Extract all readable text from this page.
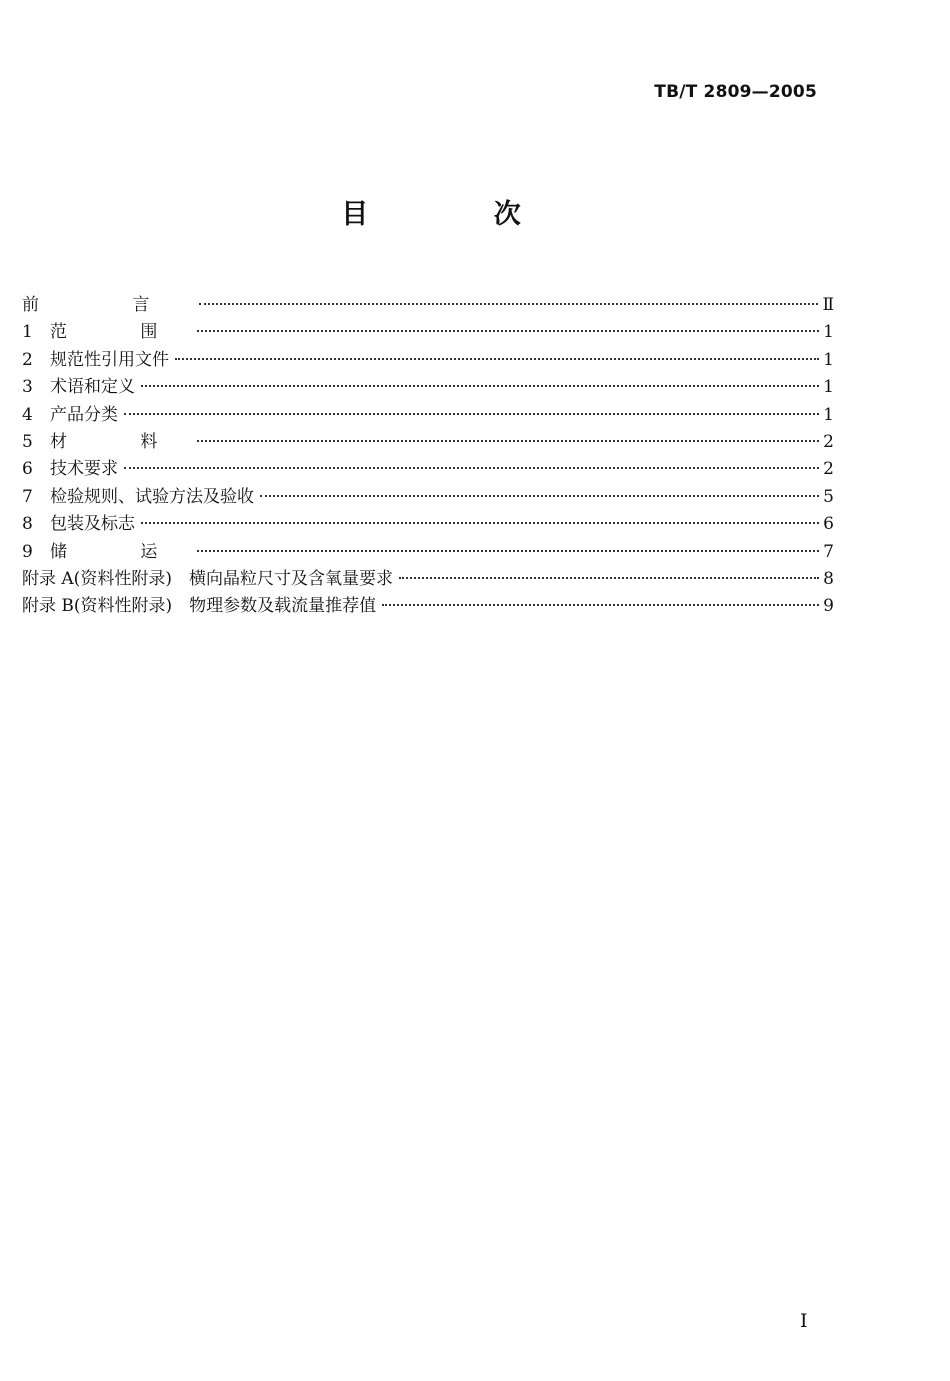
TB/T 2809—2005
目 次
前 言	Ⅱ
1	范 围	1
2	规范性引用文件	1
3	术语和定义	1
4	产品分类	1
5	材 料	2
6	技术要求	2
7	检验规则、试验方法及验收	5
8	包装及标志	6
9	储 运	7
附录 A(资料性附录)　横向晶粒尺寸及含氧量要求	8
附录 B(资料性附录)　物理参数及载流量推荐值	9
I
